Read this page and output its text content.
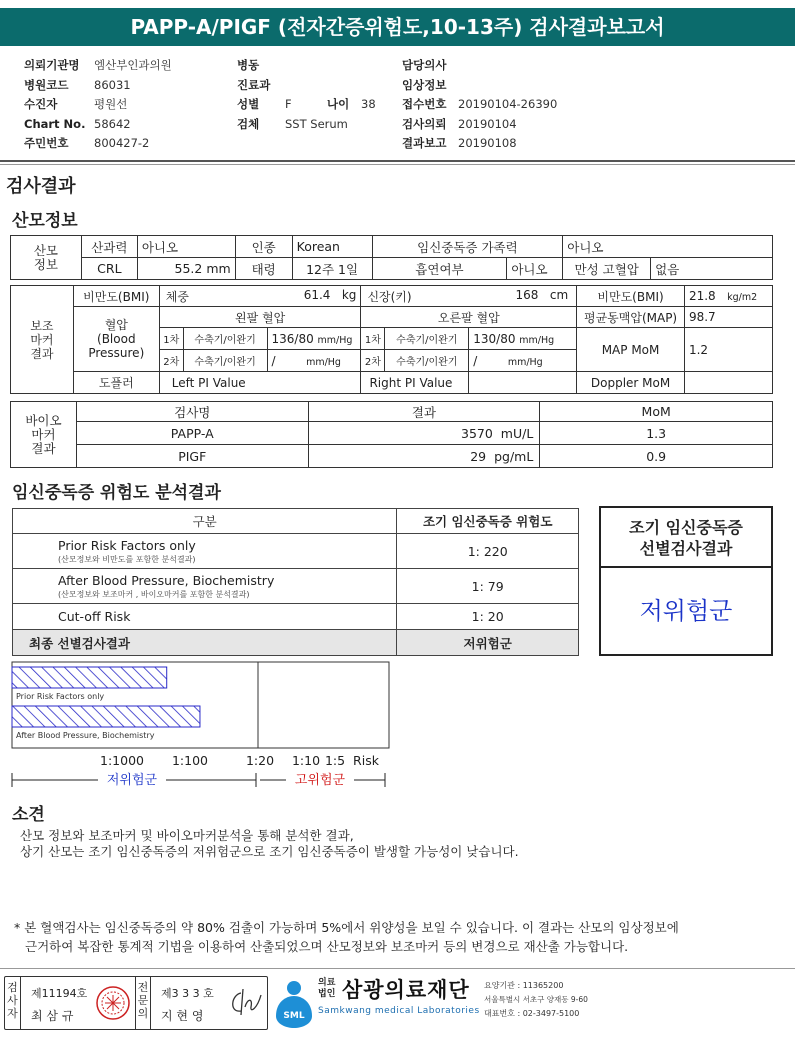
PAPP-A/PIGF (전자간증위험도,10-13주) 검사결과보고서
의뢰기관명 엠산부인과의원
병원코드 86031
수진자	평원선
Chart No. 58642
주민번호 800427-2
병동
진료과
성별 F	나이 38
검체 SST Serum
담당의사
임상정보
접수번호 20190104-26390
검사의뢰 20190104
결과보고 20190108
검사결과
산모정보
산모
정보	산과력	아니오	인종	Korean	임신중독증 가족력		아니오	
	CRL	55.2 mm	태령	12주 1일	흡연여부	아니오	만성 고혈압	없음
보조
마커
결과	비만도(BMI)	체중 61.4 kg			신장(키) 168 cm			비만도(BMI)	21.8 kg/m2
	혈압
(Blood
Pressure)	왼팔 혈압			오른팔 혈압			평균동맥압(MAP)	98.7
		1차	수축기/이완기	136/80 mm/Hg	1차	수축기/이완기	130/80 mm/Hg	MAP MoM	1.2
		2차	수축기/이완기	/ mm/Hg	2차	수축기/이완기	/ mm/Hg		
	도플러	Left PI Value			Right PI Value			Doppler MoM	
바이오
마커
결과	검사명	결과	MoM
	PAPP-A	3570 mU/L	1.3
	PIGF	29 pg/mL	0.9
임신중독증 위험도 분석결과
구분	조기 임신중독증 위험도
Prior Risk Factors only
(산모정보와 비만도를 포함한 분석결과)	1: 220
After Blood Pressure, Biochemistry
(산모정보와 보조마커 , 바이오마커를 포함한 분석결과)	1: 79
Cut-off Risk	1: 20
최종 선별검사결과	저위험군
조기 임신중독증
선별검사결과
저위험군
Prior Risk Factors only
After Blood Pressure, Biochemistry
1:1000 1:100	1:20 1:10 1:5 Risk
저위험군	고위험군
소견
산모 정보와 보조마커 및 바이오마커분석을 통해 분석한 결과,
상기 산모는 조기 임신중독증의 저위험군으로 조기 임신중독증이 발생할 가능성이 낮습니다.
* 본 혈액검사는 임신중독증의 약 80% 검출이 가능하며 5%에서 위양성을 보일 수 있습니다. 이 결과는 산모의 임상정보에
근거하여 복잡한 통계적 기법을 이용하여 산출되었으며 산모정보와 보조마커 등의 변경으로 재산출 가능합니다.
검
사
자
제11194호
최 삼 규
전
문
의
제3 3 3 호
지 현 영	SML
의료
법인 삼광의료재단
Samkwang medical Laboratories
요양기관 : 11365200
서울특별시 서초구 양재동 9-60
대표번호 : 02-3497-5100
